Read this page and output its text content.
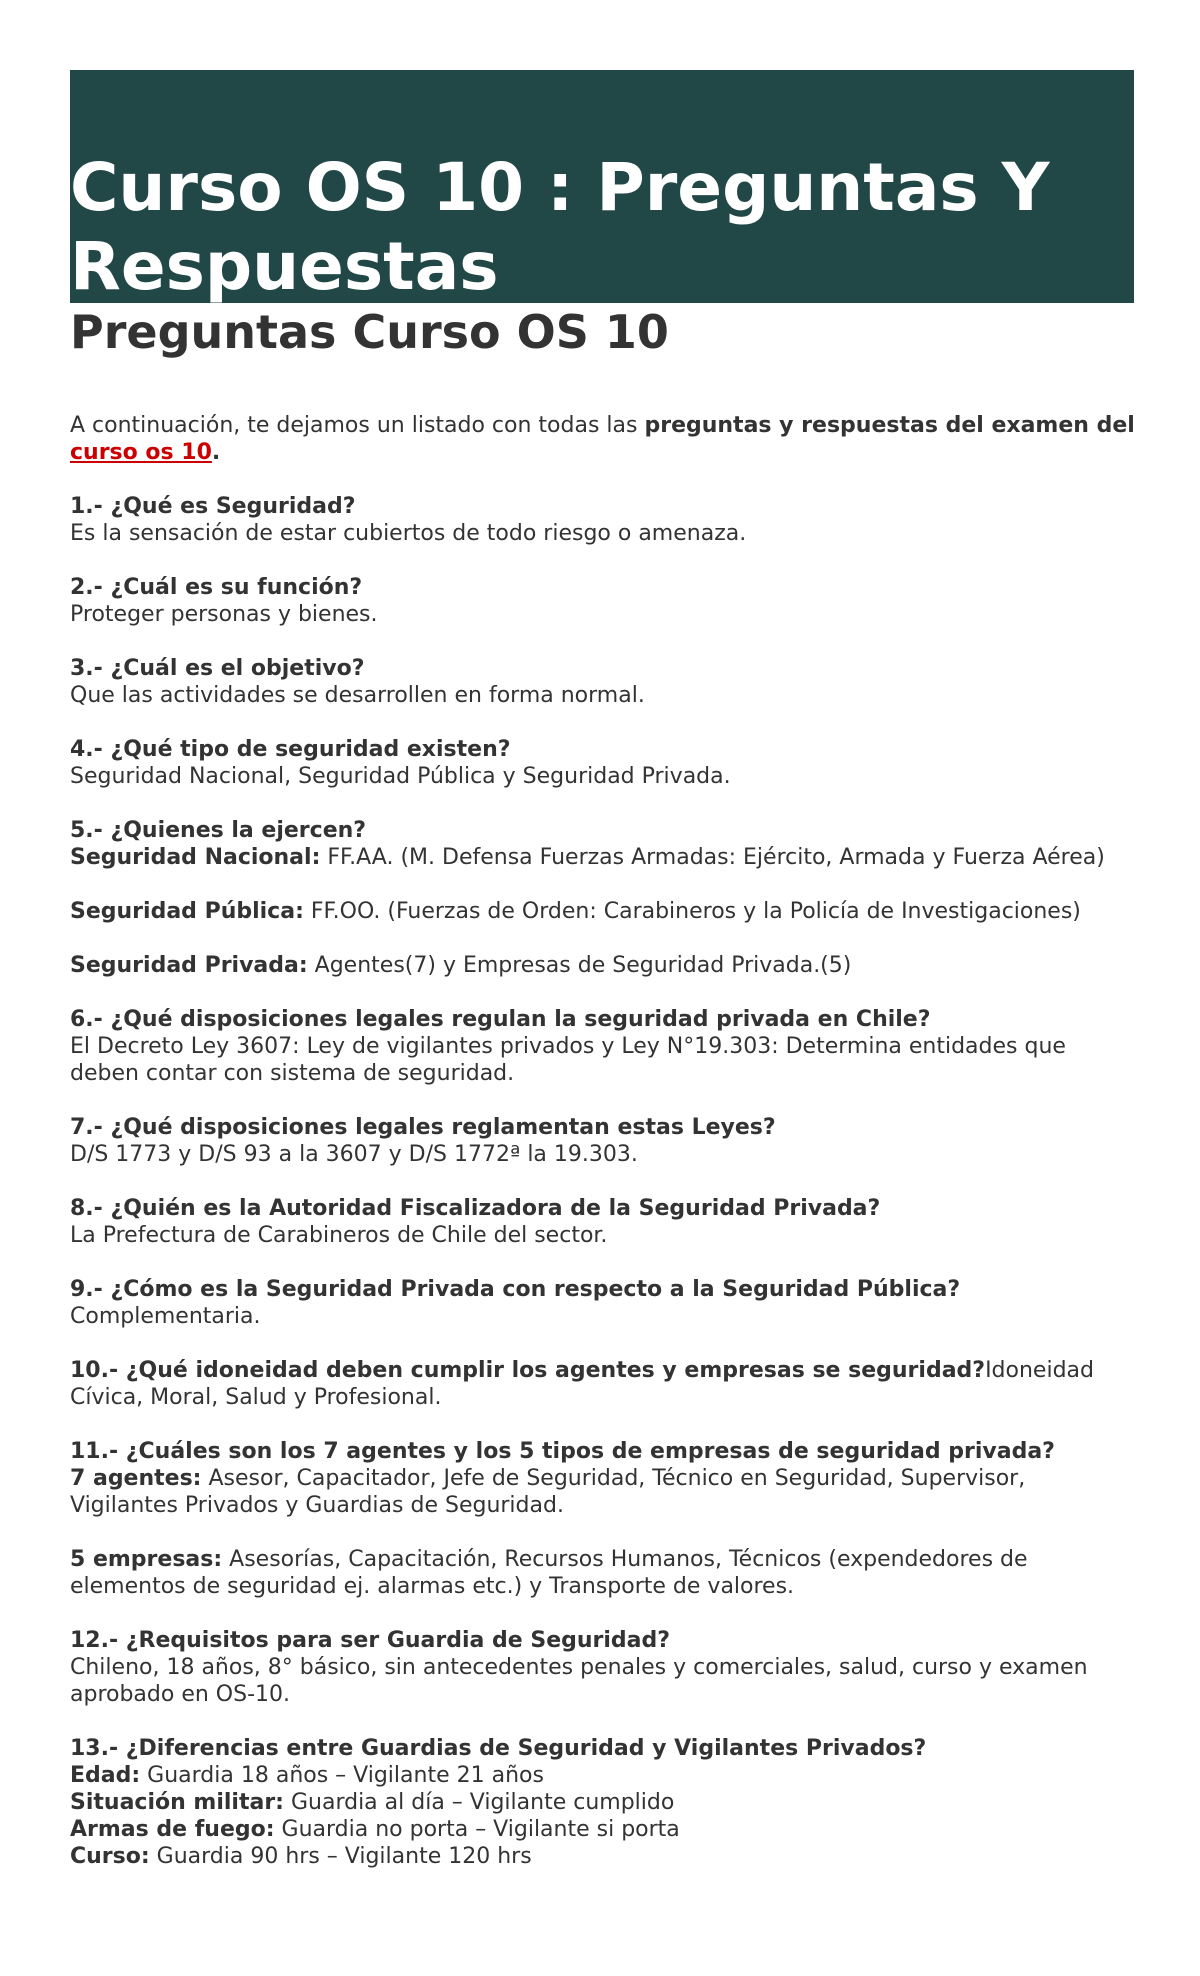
Curso OS 10 : Preguntas Y Respuestas
Preguntas Curso OS 10

A continuación, te dejamos un listado con todas las preguntas y respuestas del examen del curso os 10.

1.- ¿Qué es Seguridad?
Es la sensación de estar cubiertos de todo riesgo o amenaza.

2.- ¿Cuál es su función?
Proteger personas y bienes.

3.- ¿Cuál es el objetivo?
Que las actividades se desarrollen en forma normal.

4.- ¿Qué tipo de seguridad existen?
Seguridad Nacional, Seguridad Pública y Seguridad Privada.

5.- ¿Quienes la ejercen?
Seguridad Nacional: FF.AA. (M. Defensa Fuerzas Armadas: Ejército, Armada y Fuerza Aérea)

Seguridad Pública: FF.OO. (Fuerzas de Orden: Carabineros y la Policía de Investigaciones)

Seguridad Privada: Agentes(7) y Empresas de Seguridad Privada.(5)

6.- ¿Qué disposiciones legales regulan la seguridad privada en Chile?
El Decreto Ley 3607: Ley de vigilantes privados y Ley N°19.303: Determina entidades que deben contar con sistema de seguridad.

7.- ¿Qué disposiciones legales reglamentan estas Leyes?
D/S 1773 y D/S 93 a la 3607 y D/S 1772ª la 19.303.

8.- ¿Quién es la Autoridad Fiscalizadora de la Seguridad Privada?
La Prefectura de Carabineros de Chile del sector.

9.- ¿Cómo es la Seguridad Privada con respecto a la Seguridad Pública?
Complementaria.

10.- ¿Qué idoneidad deben cumplir los agentes y empresas se seguridad?Idoneidad Cívica, Moral, Salud y Profesional.

11.- ¿Cuáles son los 7 agentes y los 5 tipos de empresas de seguridad privada?
7 agentes: Asesor, Capacitador, Jefe de Seguridad, Técnico en Seguridad, Supervisor, Vigilantes Privados y Guardias de Seguridad.

5 empresas: Asesorías, Capacitación, Recursos Humanos, Técnicos (expendedores de elementos de seguridad ej. alarmas etc.) y Transporte de valores.

12.- ¿Requisitos para ser Guardia de Seguridad?
Chileno, 18 años, 8° básico, sin antecedentes penales y comerciales, salud, curso y examen aprobado en OS-10.

13.- ¿Diferencias entre Guardias de Seguridad y Vigilantes Privados?
Edad: Guardia 18 años – Vigilante 21 años
Situación militar: Guardia al día – Vigilante cumplido
Armas de fuego: Guardia no porta – Vigilante si porta
Curso: Guardia 90 hrs – Vigilante 120 hrs
